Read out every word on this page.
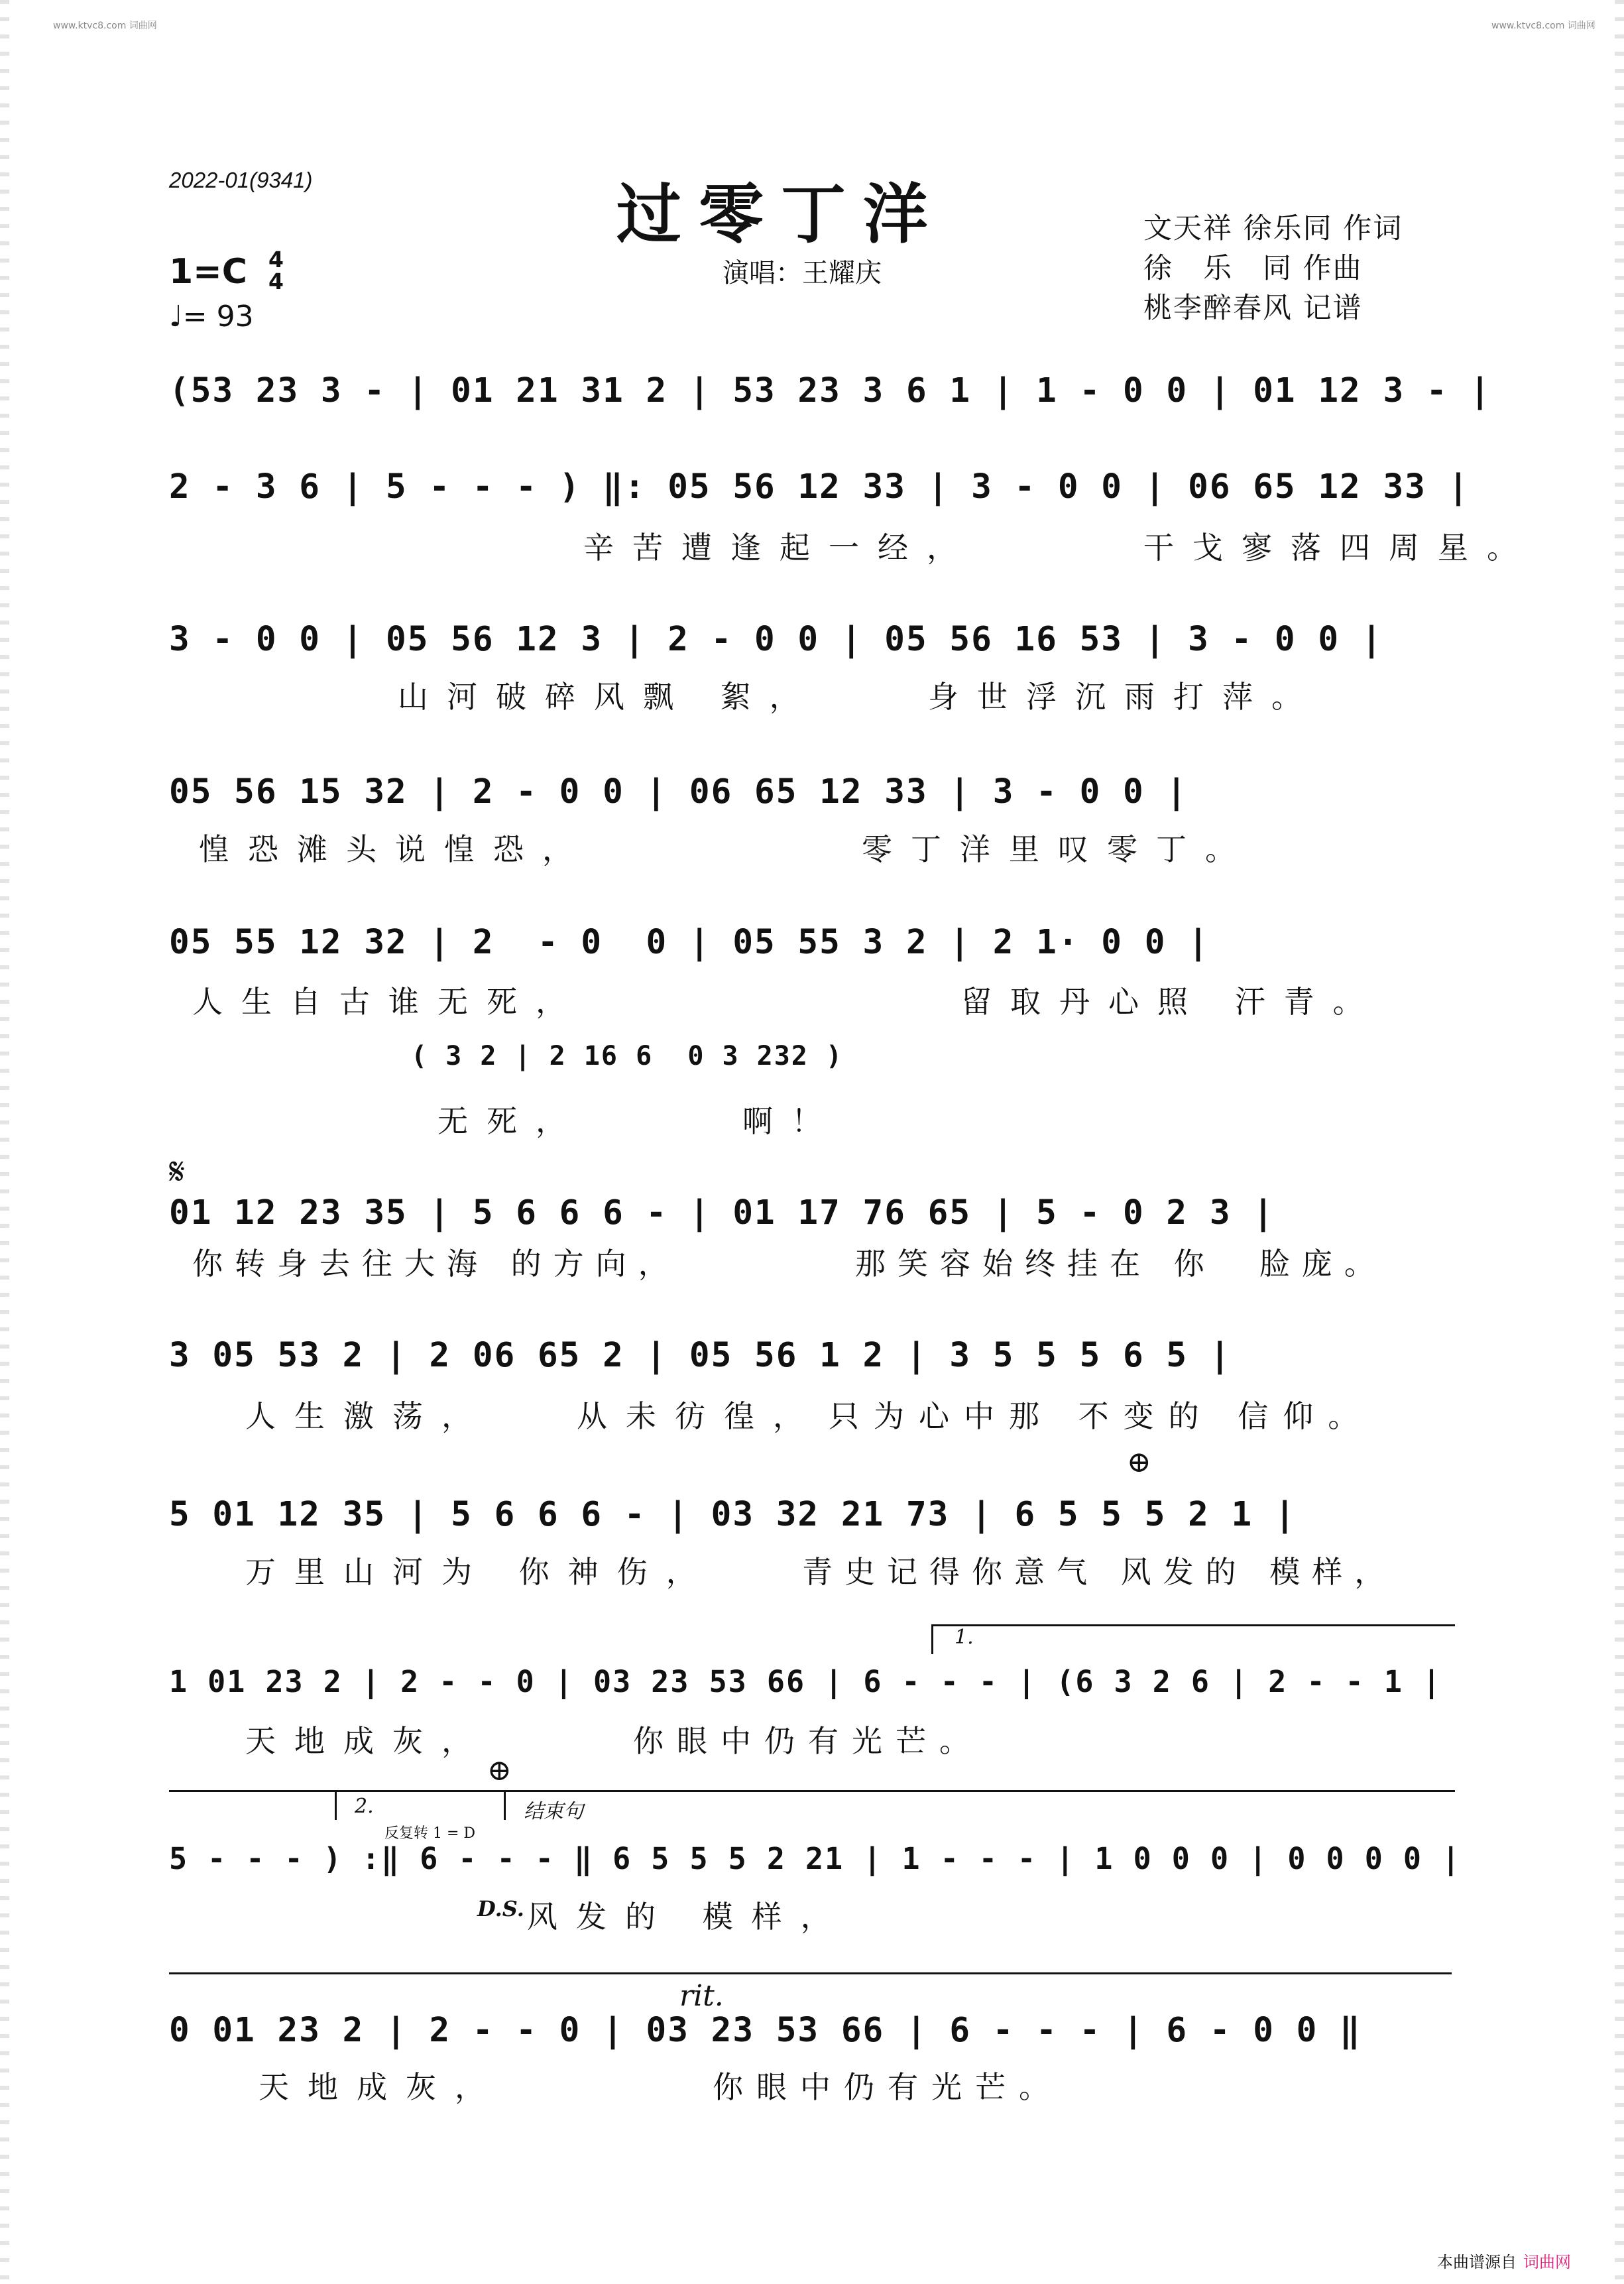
www.ktvc8.com 词曲网	www.ktvc8.com 词曲网
2022-01(9341)	过零丁洋
演唱：王耀庆
文天祥 徐乐同 作词
徐　乐　同 作曲
桃李醉春风 记谱
1=C 4
4
♩= 93
(53 23 3 - | 01 21 31 2 | 53 23 3 6 1 | 1 - 0 0 | 01 12 3 - |
2 - 3 6 | 5 - - - ) ‖: 05 56 12 33 | 3 - 0 0 | 06 65 12 33 |
3 - 0 0 | 05 56 12 3 | 2 - 0 0 | 05 56 16 53 | 3 - 0 0 |
05 56 15 32 | 2 - 0 0 | 06 65 12 33 | 3 - 0 0 |
05 55 12 32 | 2  - 0  0 | 05 55 3 2 | 2 1· 0 0 |
01 12 23 35 | 5 6 6 6 - | 01 17 76 65 | 5 - 0 2 3 |
3 05 53 2 | 2 06 65 2 | 05 56 1 2 | 3 5 5 5 6 5 |
5 01 12 35 | 5 6 6 6 - | 03 32 21 73 | 6 5 5 5 2 1 |
1 01 23 2 | 2 - - 0 | 03 23 53 66 | 6 - - - | (6 3 2 6 | 2 - - 1 |
5 - - - ) :‖ 6 - - - ‖ 6 5 5 5 2 21 | 1 - - - | 1 0 0 0 | 0 0 0 0 |
0 01 23 2 | 2 - - 0 | 03 23 53 66 | 6 - - - | 6 - 0 0 ‖
辛苦遭逢起一经，	干戈寥落四周星。
山河破碎风飘 絮，	身世浮沉雨打萍。
惶恐滩头说惶恐，	零丁洋里叹零丁。
人生自古谁无死，	留取丹心照 汗青。
( 3 2 | 2 16 6  0 3 232 )
无死，	啊！
你转身去往大海 的方向，	那笑容始终挂在 你  脸庞。
人生激荡，	从未彷徨， 只为心中那 不变的 信仰。
万里山河为 你神伤，	青史记得你意气 风发的 模样，
天地成灰，	你眼中仍有光芒。
风发的 模样，
天地成灰，	你眼中仍有光芒。
𝄋
⊕
⊕
1.
2.	结束句
反复转 1 = D
D.S.
rit.
本曲谱源自 词曲网
